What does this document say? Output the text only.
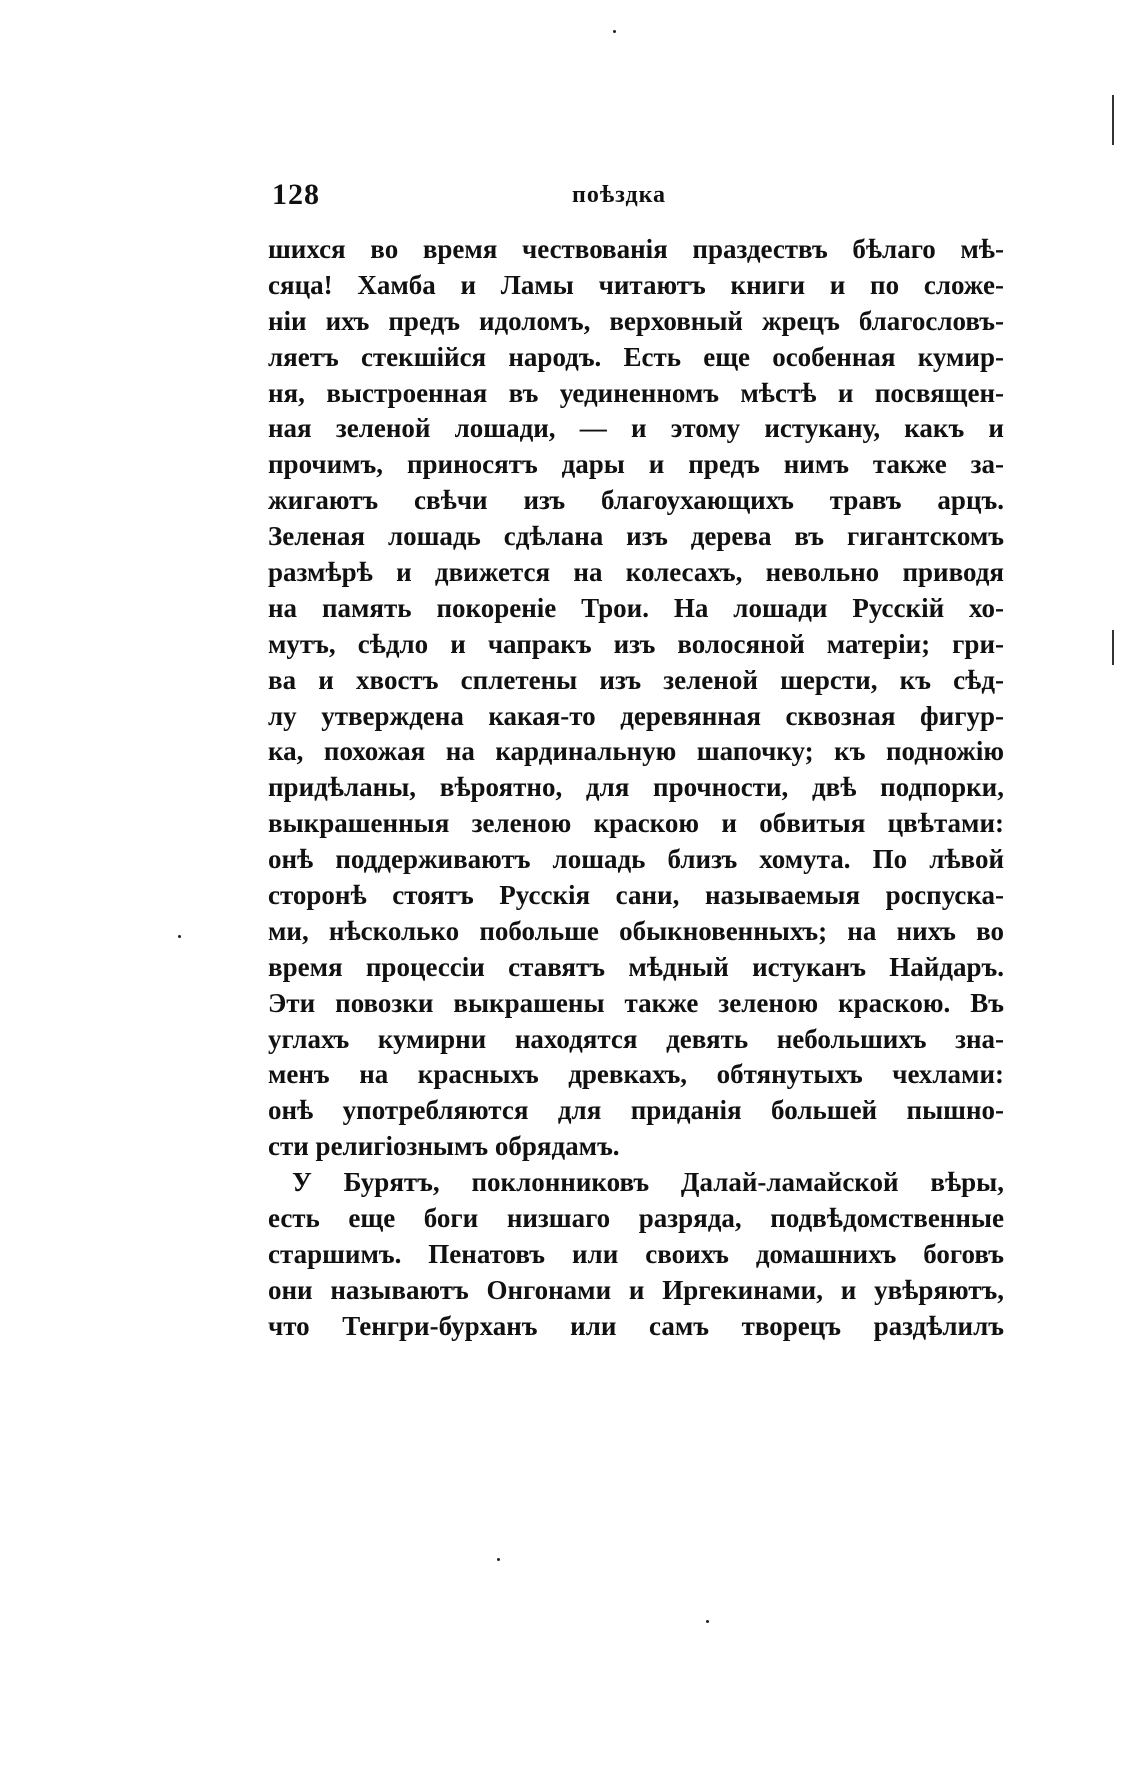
128	поѣздка
шихся во время чествованія праздествъ бѣлаго мѣ-
сяца! Хамба и Ламы читаютъ книги и по сложе-
ніи ихъ предъ идоломъ, верховный жрецъ благословъ-
ляетъ стекшійся народъ. Есть еще особенная кумир-
ня, выстроенная въ уединенномъ мѣстѣ и посвящен-
ная зеленой лошади, — и этому истукану, какъ и
прочимъ, приносятъ дары и предъ нимъ также за-
жигаютъ свѣчи изъ благоухающихъ травъ арцъ.
Зеленая лошадь сдѣлана изъ дерева въ гигантскомъ
размѣрѣ и движется на колесахъ, невольно приводя
на память покореніе Трои. На лошади Русскій хо-
мутъ, сѣдло и чапракъ изъ волосяной матеріи; гри-
ва и хвостъ сплетены изъ зеленой шерсти, къ сѣд-
лу утверждена какая-то деревянная сквозная фигур-
ка, похожая на кардинальную шапочку; къ подножію
придѣланы, вѣроятно, для прочности, двѣ подпорки,
выкрашенныя зеленою краскою и обвитыя цвѣтами:
онѣ поддерживаютъ лошадь близъ хомута. По лѣвой
сторонѣ стоятъ Русскія сани, называемыя роспуска-
ми, нѣсколько побольше обыкновенныхъ; на нихъ во
время процессіи ставятъ мѣдный истуканъ Найдаръ.
Эти повозки выкрашены также зеленою краскою. Въ
углахъ кумирни находятся девять небольшихъ зна-
менъ на красныхъ древкахъ, обтянутыхъ чехлами:
онѣ употребляются для приданія большей пышно-
сти религіознымъ обрядамъ.
У Бурятъ, поклонниковъ Далай-ламайской вѣры,
есть еще боги низшаго разряда, подвѣдомственные
старшимъ. Пенатовъ или своихъ домашнихъ боговъ
они называютъ Онгонами и Иргекинами, и увѣряютъ,
что Тенгри-бурханъ или самъ творецъ раздѣлилъ
